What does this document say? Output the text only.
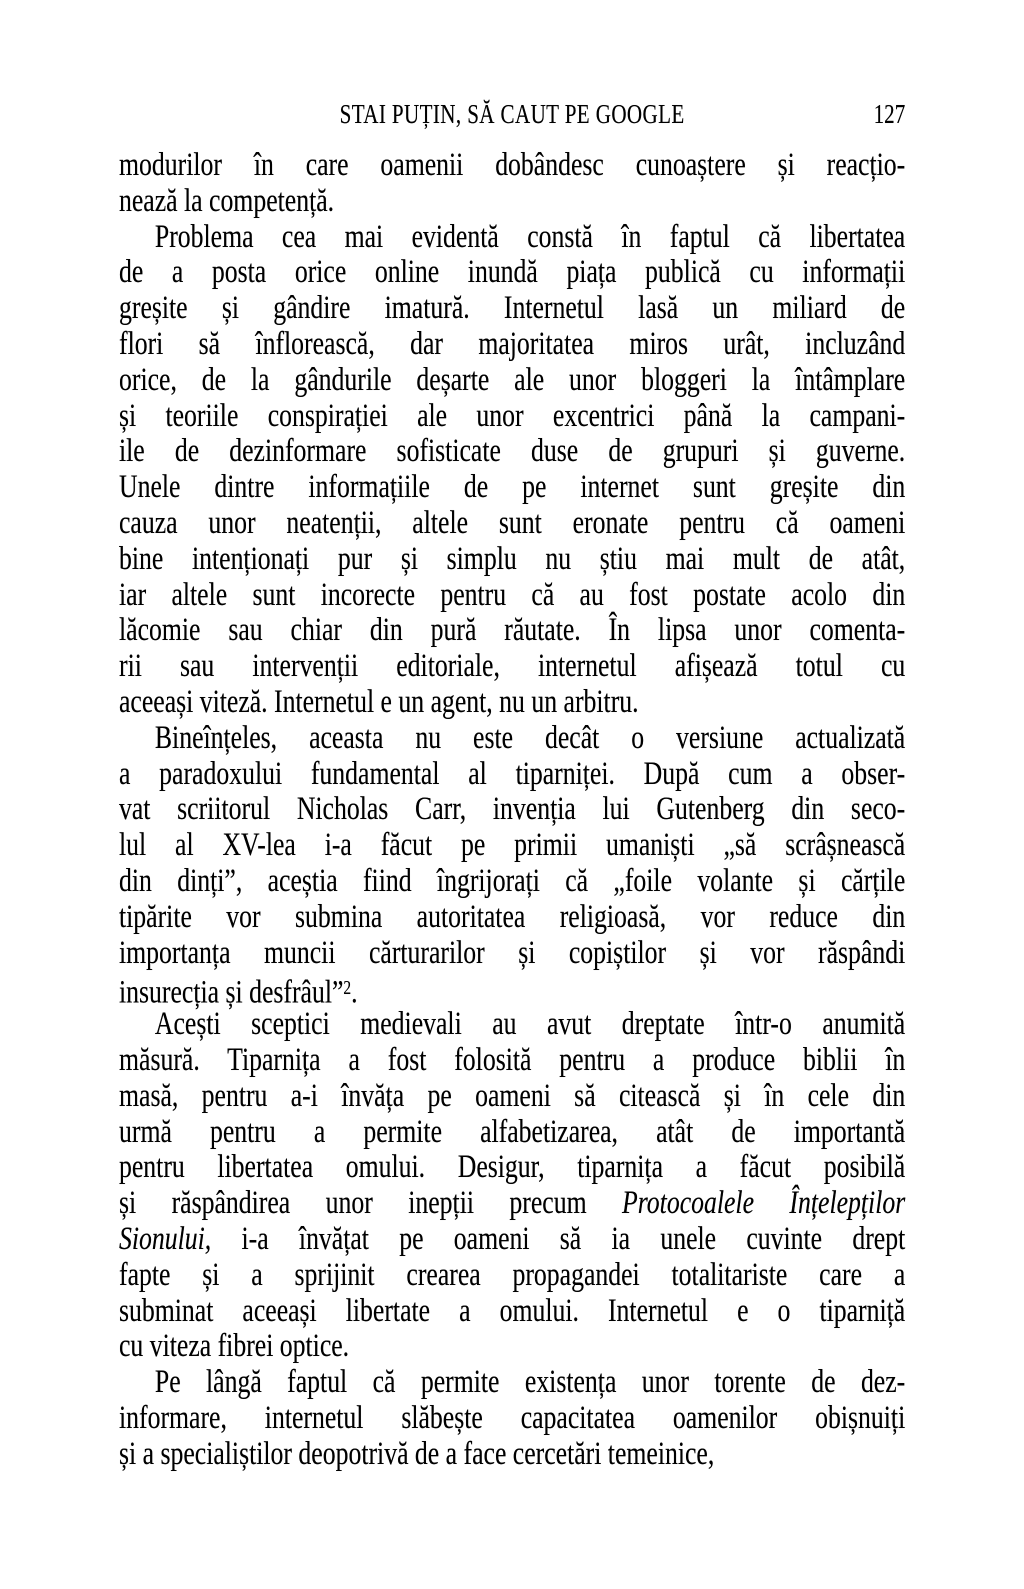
STAI PUȚIN, SĂ CAUT PE GOOGLE	127
modurilor în care oamenii dobândesc cunoaștere și reacțio-
nează la competență.
Problema cea mai evidentă constă în faptul că libertatea
de a posta orice online inundă piața publică cu informații
greșite și gândire imatură. Internetul lasă un miliard de
flori să înflorească, dar majoritatea miros urât, incluzând
orice, de la gândurile deșarte ale unor bloggeri la întâmplare
și teoriile conspirației ale unor excentrici până la campani-
ile de dezinformare sofisticate duse de grupuri și guverne.
Unele dintre informațiile de pe internet sunt greșite din
cauza unor neatenții, altele sunt eronate pentru că oameni
bine intenționați pur și simplu nu știu mai mult de atât,
iar altele sunt incorecte pentru că au fost postate acolo din
lăcomie sau chiar din pură răutate. În lipsa unor comenta-
rii sau intervenții editoriale, internetul afișează totul cu
aceeași viteză. Internetul e un agent, nu un arbitru.
Bineînțeles, aceasta nu este decât o versiune actualizată
a paradoxului fundamental al tiparniței. După cum a obser-
vat scriitorul Nicholas Carr, invenția lui Gutenberg din seco-
lul al XV-lea i-a făcut pe primii umaniști „să scrâșnească
din dinți”, aceștia fiind îngrijorați că „foile volante și cărțile
tipărite vor submina autoritatea religioasă, vor reduce din
importanța muncii cărturarilor și copiștilor și vor răspândi
insurecția și desfrâul”$^2$.
Acești sceptici medievali au avut dreptate într-o anumită
măsură. Tiparnița a fost folosită pentru a produce biblii în
masă, pentru a-i învăța pe oameni să citească și în cele din
urmă pentru a permite alfabetizarea, atât de importantă
pentru libertatea omului. Desigur, tiparnița a făcut posibilă
și răspândirea unor inepții precum Protocoalele Înțelepților
Sionului, i-a învățat pe oameni să ia unele cuvinte drept
fapte și a sprijinit crearea propagandei totalitariste care a
subminat aceeași libertate a omului. Internetul e o tiparniță
cu viteza fibrei optice.
Pe lângă faptul că permite existența unor torente de dez-
informare, internetul slăbește capacitatea oamenilor obișnuiți
și a specialiștilor deopotrivă de a face cercetări temeinice,
